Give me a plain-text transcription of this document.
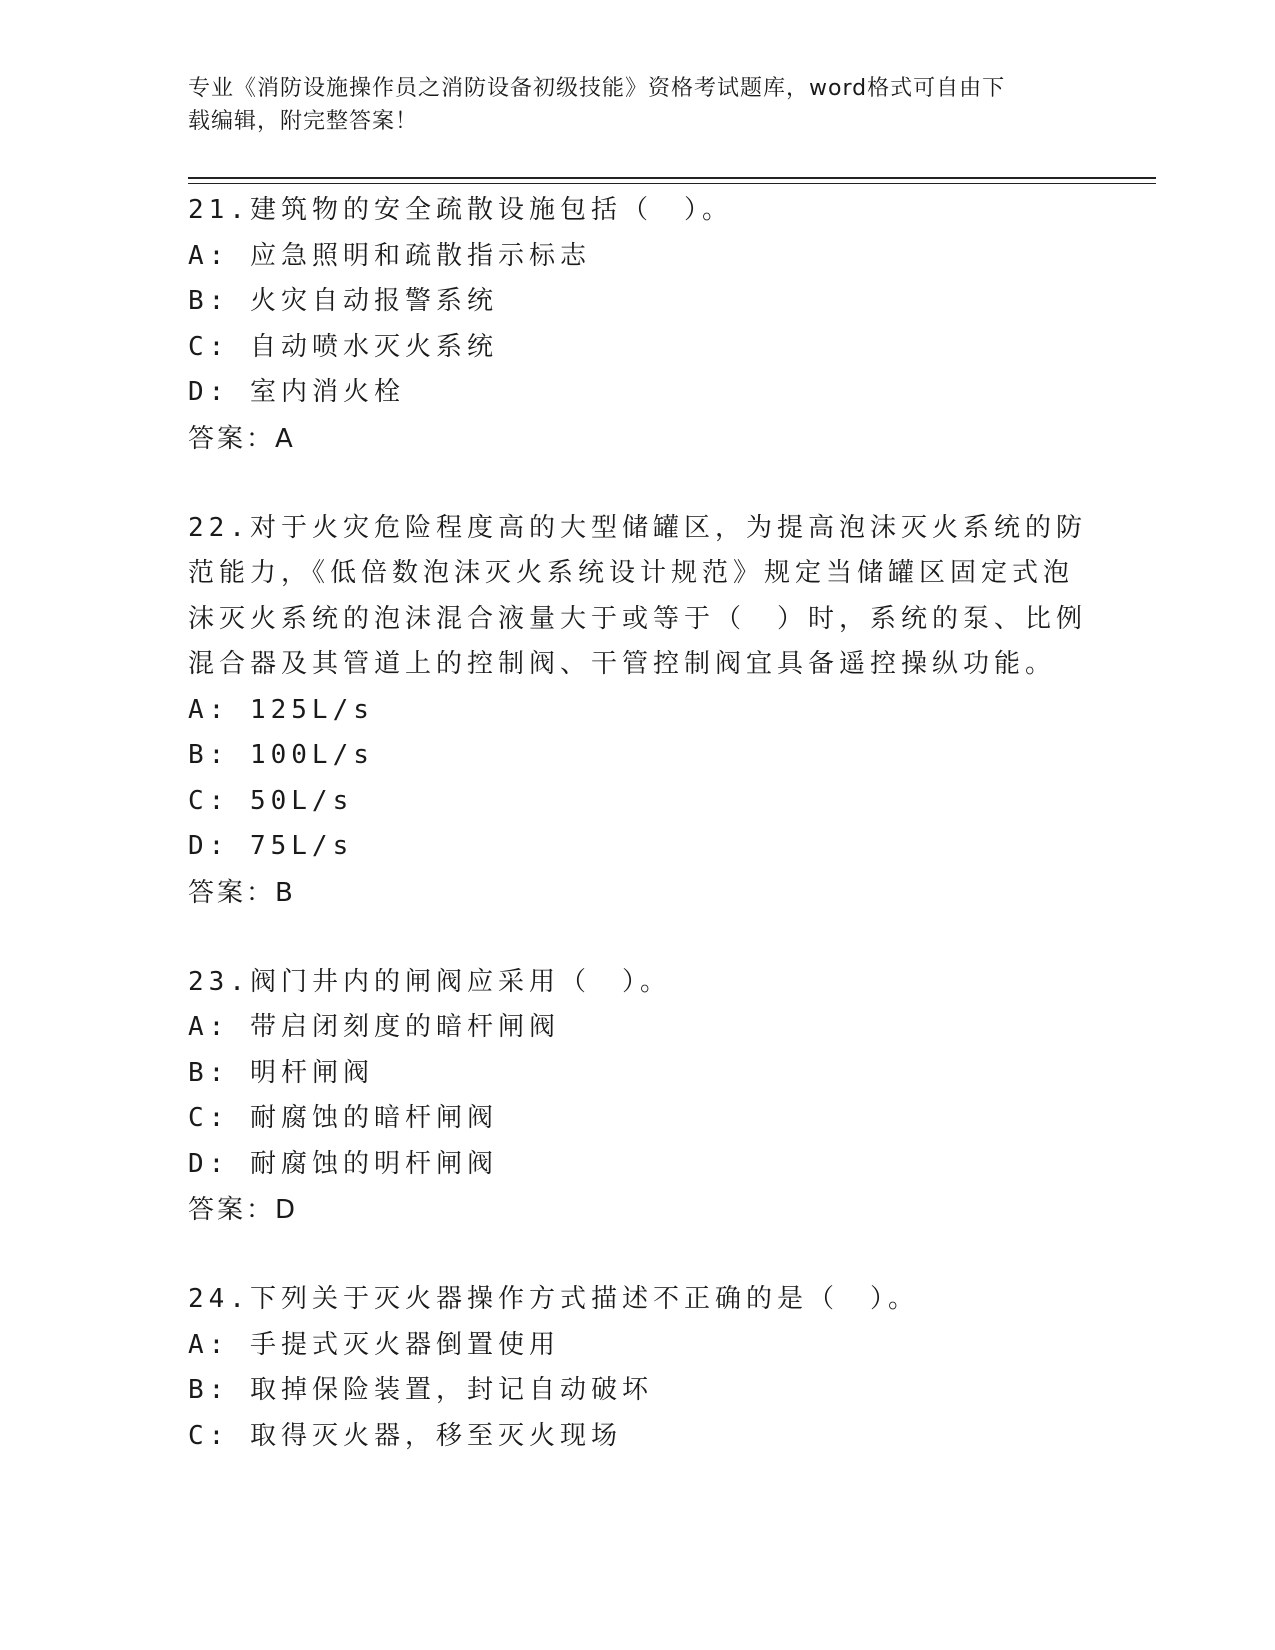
专业《消防设施操作员之消防设备初级技能》资格考试题库，word格式可自由下
载编辑，附完整答案！

21.建筑物的安全疏散设施包括（　）。

A: 应急照明和疏散指示标志

B: 火灾自动报警系统

C: 自动喷水灭火系统

D: 室内消火栓

答案：A

22.对于火灾危险程度高的大型储罐区，为提高泡沫灭火系统的防范能力，《低倍数泡沫灭火系统设计规范》规定当储罐区固定式泡沫灭火系统的泡沫混合液量大于或等于（　）时，系统的泵、比例混合器及其管道上的控制阀、干管控制阀宜具备遥控操纵功能。

A: 125L/s

B: 100L/s

C: 50L/s

D: 75L/s

答案：B

23.阀门井内的闸阀应采用（　）。

A: 带启闭刻度的暗杆闸阀

B: 明杆闸阀

C: 耐腐蚀的暗杆闸阀

D: 耐腐蚀的明杆闸阀

答案：D

24.下列关于灭火器操作方式描述不正确的是（　）。

A: 手提式灭火器倒置使用

B: 取掉保险装置，封记自动破坏

C: 取得灭火器，移至灭火现场
